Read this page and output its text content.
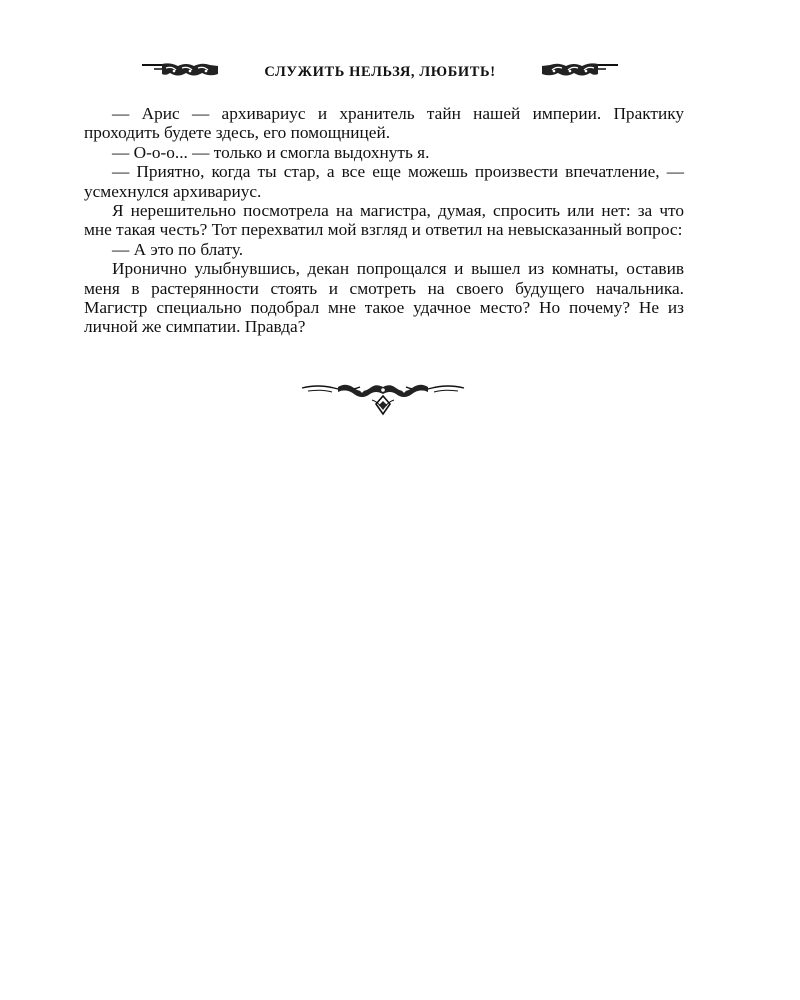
СЛУЖИТЬ НЕЛЬЗЯ, ЛЮБИТЬ!

— Арис — архивариус и хранитель тайн нашей империи. Практику проходить будете здесь, его помощницей.

— О-о-о... — только и смогла выдохнуть я.

— Приятно, когда ты стар, а все еще можешь произвести впечатление, — усмехнулся архивариус.

Я нерешительно посмотрела на магистра, думая, спросить или нет: за что мне такая честь? Тот перехватил мой взгляд и ответил на невысказанный вопрос:

— А это по блату.

Иронично улыбнувшись, декан попрощался и вышел из комнаты, оставив меня в растерянности стоять и смотреть на своего будущего начальника. Магистр специально подобрал мне такое удачное место? Но почему? Не из личной же симпатии. Правда?
